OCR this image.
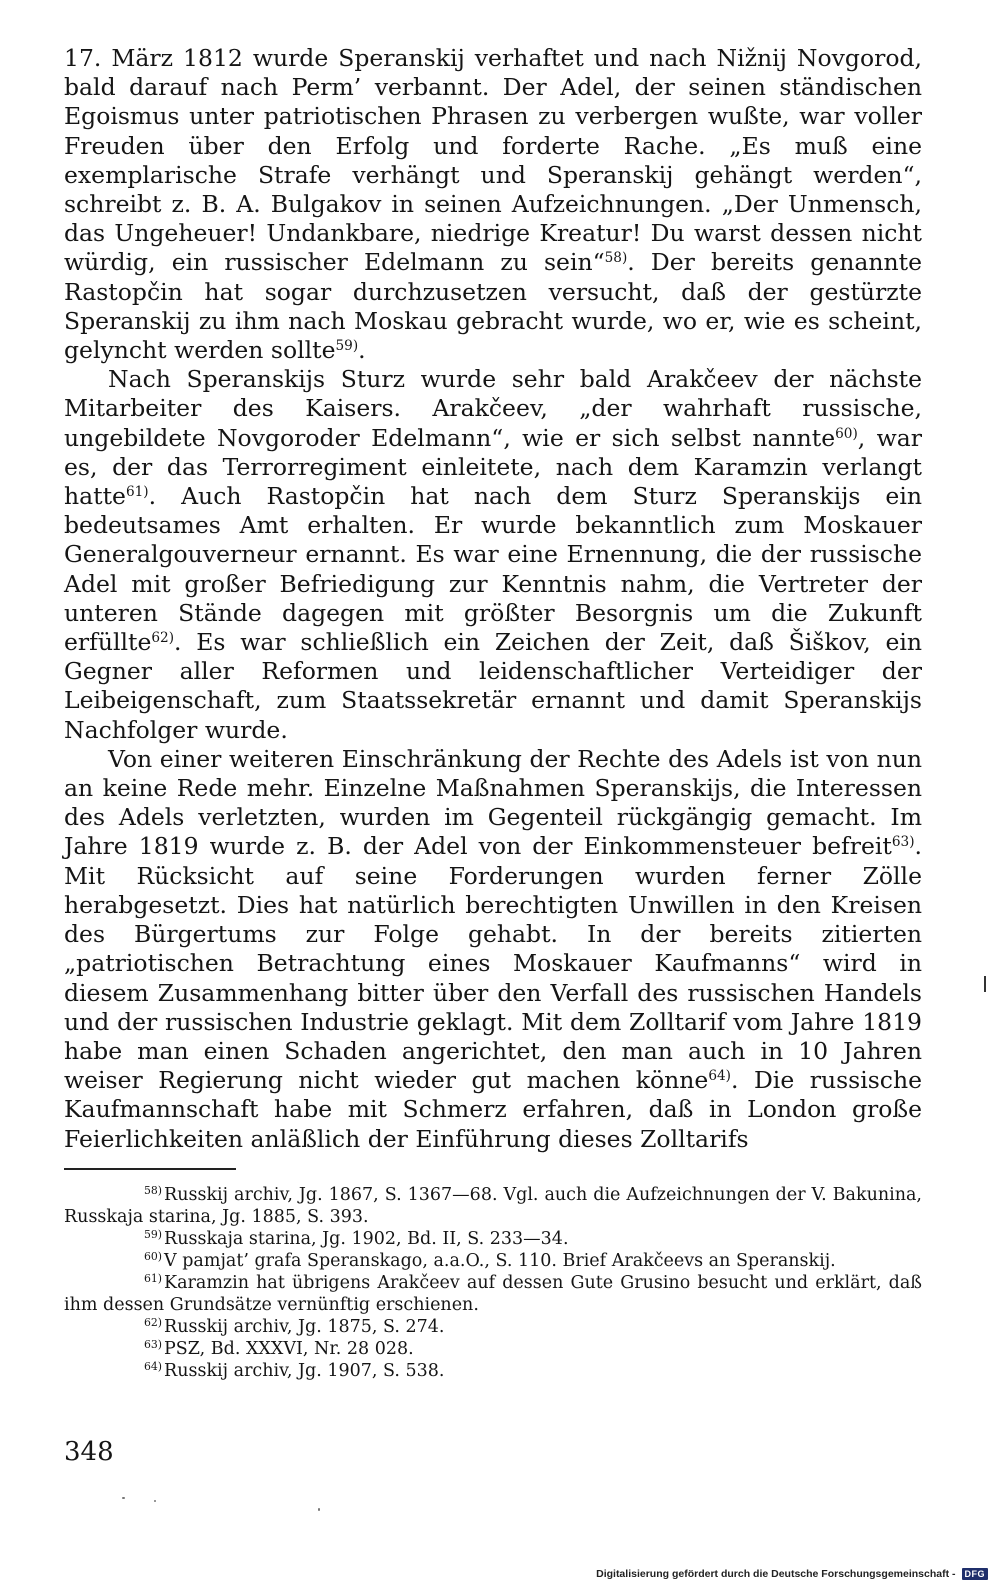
17. März 1812 wurde Speranskij verhaftet und nach Nižnij Novgorod, bald darauf nach Perm’ verbannt. Der Adel, der seinen ständischen Egoismus unter patriotischen Phrasen zu verbergen wußte, war voller Freuden über den Erfolg und forderte Rache. „Es muß eine exemplarische Strafe verhängt und Speranskij gehängt werden“, schreibt z. B. A. Bulgakov in seinen Aufzeichnungen. „Der Unmensch, das Ungeheuer! Undankbare, niedrige Kreatur! Du warst dessen nicht würdig, ein russischer Edelmann zu sein“$^{58)}$. Der bereits genannte Rastopčin hat sogar durchzusetzen versucht, daß der gestürzte Speranskij zu ihm nach Moskau gebracht wurde, wo er, wie es scheint, gelyncht werden sollte$^{59)}$.

Nach Speranskijs Sturz wurde sehr bald Arakčeev der nächste Mitarbeiter des Kaisers. Arakčeev, „der wahrhaft russische, ungebildete Novgoroder Edelmann“, wie er sich selbst nannte$^{60)}$, war es, der das Terrorregiment einleitete, nach dem Karamzin verlangt hatte$^{61)}$. Auch Rastopčin hat nach dem Sturz Speranskijs ein bedeutsames Amt erhalten. Er wurde bekanntlich zum Moskauer Generalgouverneur ernannt. Es war eine Ernennung, die der russische Adel mit großer Befriedigung zur Kenntnis nahm, die Vertreter der unteren Stände dagegen mit größter Besorgnis um die Zukunft erfüllte$^{62)}$. Es war schließlich ein Zeichen der Zeit, daß Šiškov, ein Gegner aller Reformen und leidenschaftlicher Verteidiger der Leibeigenschaft, zum Staatssekretär ernannt und damit Speranskijs Nachfolger wurde.

Von einer weiteren Einschränkung der Rechte des Adels ist von nun an keine Rede mehr. Einzelne Maßnahmen Speranskijs, die Interessen des Adels verletzten, wurden im Gegenteil rückgängig gemacht. Im Jahre 1819 wurde z. B. der Adel von der Einkommensteuer befreit$^{63)}$. Mit Rücksicht auf seine Forderungen wurden ferner Zölle herabgesetzt. Dies hat natürlich berechtigten Unwillen in den Kreisen des Bürgertums zur Folge gehabt. In der bereits zitierten „patriotischen Betrachtung eines Moskauer Kaufmanns“ wird in diesem Zusammenhang bitter über den Verfall des russischen Handels und der russischen Industrie geklagt. Mit dem Zolltarif vom Jahre 1819 habe man einen Schaden angerichtet, den man auch in 10 Jahren weiser Regierung nicht wieder gut machen könne$^{64)}$. Die russische Kaufmannschaft habe mit Schmerz erfahren, daß in London große Feierlichkeiten anläßlich der Einführung dieses Zolltarifs

$^{58)}$ Russkij archiv, Jg. 1867, S. 1367—68. Vgl. auch die Aufzeichnungen der V. Bakunina, Russkaja starina, Jg. 1885, S. 393.

$^{59)}$ Russkaja starina, Jg. 1902, Bd. II, S. 233—34.

$^{60)}$ V pamjat’ grafa Speranskago, a.a.O., S. 110. Brief Arakčeevs an Speranskij.

$^{61)}$ Karamzin hat übrigens Arakčeev auf dessen Gute Grusino besucht und erklärt, daß ihm dessen Grundsätze vernünftig erschienen.

$^{62)}$ Russkij archiv, Jg. 1875, S. 274.

$^{63)}$ PSZ, Bd. XXXVI, Nr. 28 028.

$^{64)}$ Russkij archiv, Jg. 1907, S. 538.

348
Digitalisierung gefördert durch die Deutsche Forschungsgemeinschaft -	DFG
